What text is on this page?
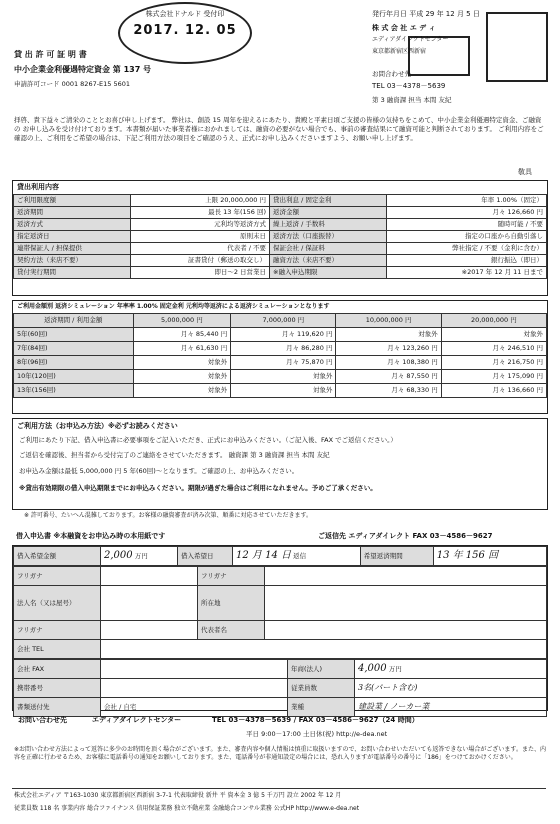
株式会社ドナルド 受付印
2017. 12. 05
貸 出 許 可 証 明 書
中小企業金利優遇特定資金 第 137 号
申請許可コード 0001 8267-E15 5601
発行年月日 平成 29 年 12 月 5 日
株 式 会 社 エ デ ィ
エディアダイレクトセンター
東京都新宿区西新宿
お問合わせ先
TEL 03－4378－5639
第 3 融資課 担当 本間 友紀
拝啓、貴下益々ご清栄のこととお喜び申し上げます。 弊社は、創設 15 周年を迎えるにあたり、貴殿と平素日頃ご支援の皆様の気持ちをこめて、中小企業金利優遇特定資金、ご融資の お申し込みを受け付けております。本書類が届いた事業者様におかれましては、融資の必要がない場合でも、事前の審査結果にて融資可能と判断されております。 ご利用内容をご確認の上、ご利用をご希望の場合は、下記ご利用方法の項目をご確認のうえ、正式にお申し込みくださいますよう、お願い申し上げます。
敬具
貸出利用内容
ご利用限度額	上限 20,000,000 円	貸出利息 / 固定金利	年率 1.00%（固定）
返済期間	最長 13 年(156 回)	返済金額	月々 126,660 円
返済方式	元利均等返済方式	繰上返済 / 手数料	随時可能 / 不要
指定返済日	原則末日	返済方法（口座振替）	指定の口座から自動引落し
連帯保証人 / 担保提供	代表者 / 不要	保証会社 / 保証料	弊社指定 / 不要（金利に含む）
契約方法（来店不要）	証書貸付（郵送の取交し）	融資方法（来店不要）	銀行振込（即日）
貸付実行期間	即日～2 日営業日	※融入申込期限	※2017 年 12 月 11 日まで
ご利用金額別 返済シミュレーション 年率率 1.00% 固定金利 元利均等返済による返済シミュレーションとなります
返済期間 / 利用金額	5,000,000 円	7,000,000 円	10,000,000 円	20,000,000 円
5年(60回)	月々 85,440 円	月々 119,620 円	対象外	対象外
7年(84回)	月々 61,630 円	月々 86,280 円	月々 123,260 円	月々 246,510 円
8年(96回)	対象外	月々 75,870 円	月々 108,380 円	月々 216,750 円
10年(120回)	対象外	対象外	月々 87,550 円	月々 175,090 円
13年(156回)	対象外	対象外	月々 68,330 円	月々 136,660 円
ご利用方法（お申込み方法）※必ずお読みください
ご利用にあたり下記、借入申込書に必要事項をご記入いただき、正式にお申込みください。（ご記入後、FAX でご返信ください。）
ご返信を確認後、担当者から受付完了のご連絡をさせていただきます。 融資課 第 3 融資課 担当 本間 友紀
お申込み金額は最低 5,000,000 円 5 年(60回)～となります。ご確認の上、お申込みください。
※貸出有効期限の借入申込期限までにお申込みください。期限が過ぎた場合はご利用になれません。予めご了承ください。
※ 許可番号、たいへん混雑しております。お客様の融資審査が済み次第、順番に対応させていただきます。
借入申込書 ※本融資をお申込み時の本用紙です	ご返信先 エディアダイレクト FAX 03－4586－9627
借入希望金額	2,000 万円	借入希望日	12 月 14 日 返信	希望返済期間	13 年 156 回
フリガナ		フリガナ	
法人名（又は屋号）		所在地	
フリガナ		代表者名	
会社 TEL			
会社 FAX		年商(法人)	4,000 万円
携帯番号		従業員数	3名(パート含む)
書類送付先	会社 / 自宅	業種	建設業 / ノーカー業
お問い合わせ先	エディアダイレクトセンター	TEL 03－4378－5639 / FAX 03－4586－9627（24 時間）
平日 9:00－17:00 土日休(祝) http://e-dea.net
※お問い合わせ方法によって返答に多少のお時間を頂く場合がございます。また、審査内容や個人情報は慎重に取扱いますので、お問い合わせいただいても返答できない場合がございます。また、内容を正確に行わせるため、お客様に電話番号の通知をお願いしております。また、電話番号が非通知設定の場合には、恐れ入りますが電話番号の番号に「186」をつけておかけください。
株式会社エディア 〒163-1030 東京都新宿区西新宿 3-7-1 代表取締役 新井 平 資本金 3 億 5 千万円 設立 2002 年 12 月
従業員数 118 名 事業内容 総合ファイナンス 信用保証業務 独立不動産業 金融総合コンサル業務 公式HP http://www.e-dea.net
